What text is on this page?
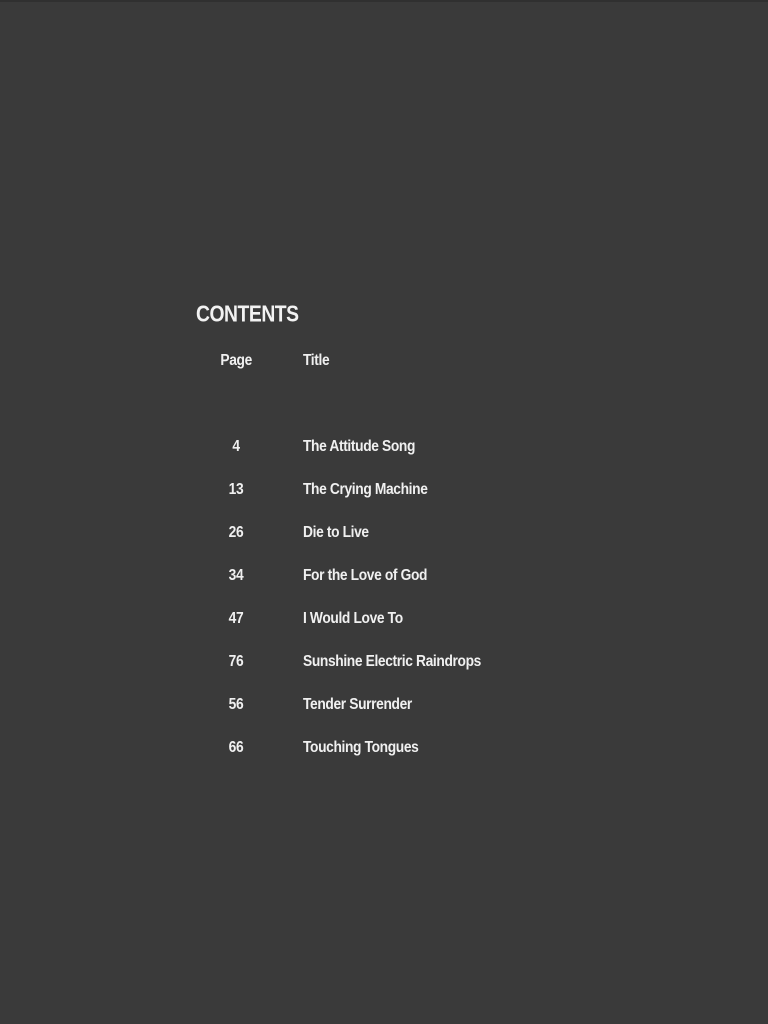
CONTENTS
Page	Title
4	The Attitude Song
13	The Crying Machine
26	Die to Live
34	For the Love of God
47	I Would Love To
76	Sunshine Electric Raindrops
56	Tender Surrender
66	Touching Tongues
